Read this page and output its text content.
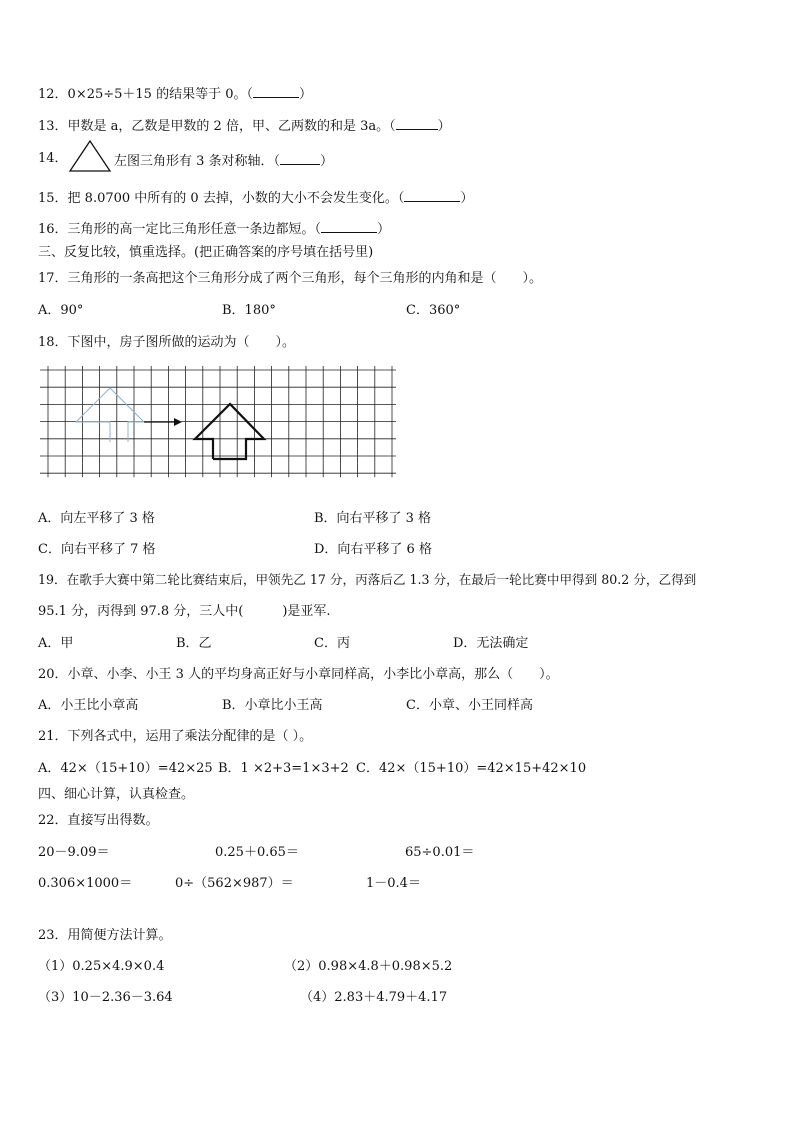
12．0×25÷5＋15 的结果等于 0。（	）
13．甲数是 a，乙数是甲数的 2 倍，甲、乙两数的和是 3a。（	）
14．	左图三角形有 3 条对称轴．（	）
15．把 8.0700 中所有的 0 去掉，小数的大小不会发生变化。（	）
16．三角形的高一定比三角形任意一条边都短。（	）
三、反复比较，慎重选择。(把正确答案的序号填在括号里)
17．三角形的一条高把这个三角形分成了两个三角形，每个三角形的内角和是（　　）。
A．90°	B．180°	C．360°
18．下图中，房子图所做的运动为（　　）。
A．向左平移了 3 格	B．向右平移了 3 格
C．向右平移了 7 格	D．向右平移了 6 格
19．在歌手大赛中第二轮比赛结束后，甲领先乙 17 分，丙落后乙 1.3 分，在最后一轮比赛中甲得到 80.2 分，乙得到
95.1 分，丙得到 97.8 分，三人中(　　　)是亚军.
A．甲	B．乙	C．丙	D．无法确定
20．小章、小李、小王 3 人的平均身高正好与小章同样高，小李比小章高，那么（　　）。
A．小王比小章高	B．小章比小王高	C．小章、小王同样高
21．下列各式中，运用了乘法分配律的是（ ）。
A．42×（15+10）=42×25 B．1 ×2+3=1×3+2 C．42×（15+10）=42×15+42×10
四、细心计算，认真检查。
22．直接写出得数。
20－9.09＝	0.25＋0.65＝	65÷0.01＝
0.306×1000＝	0÷（562×987）＝	1－0.4＝
23．用简便方法计算。
（1）0.25×4.9×0.4	（2）0.98×4.8＋0.98×5.2
（3）10－2.36－3.64	（4）2.83＋4.79＋4.17
